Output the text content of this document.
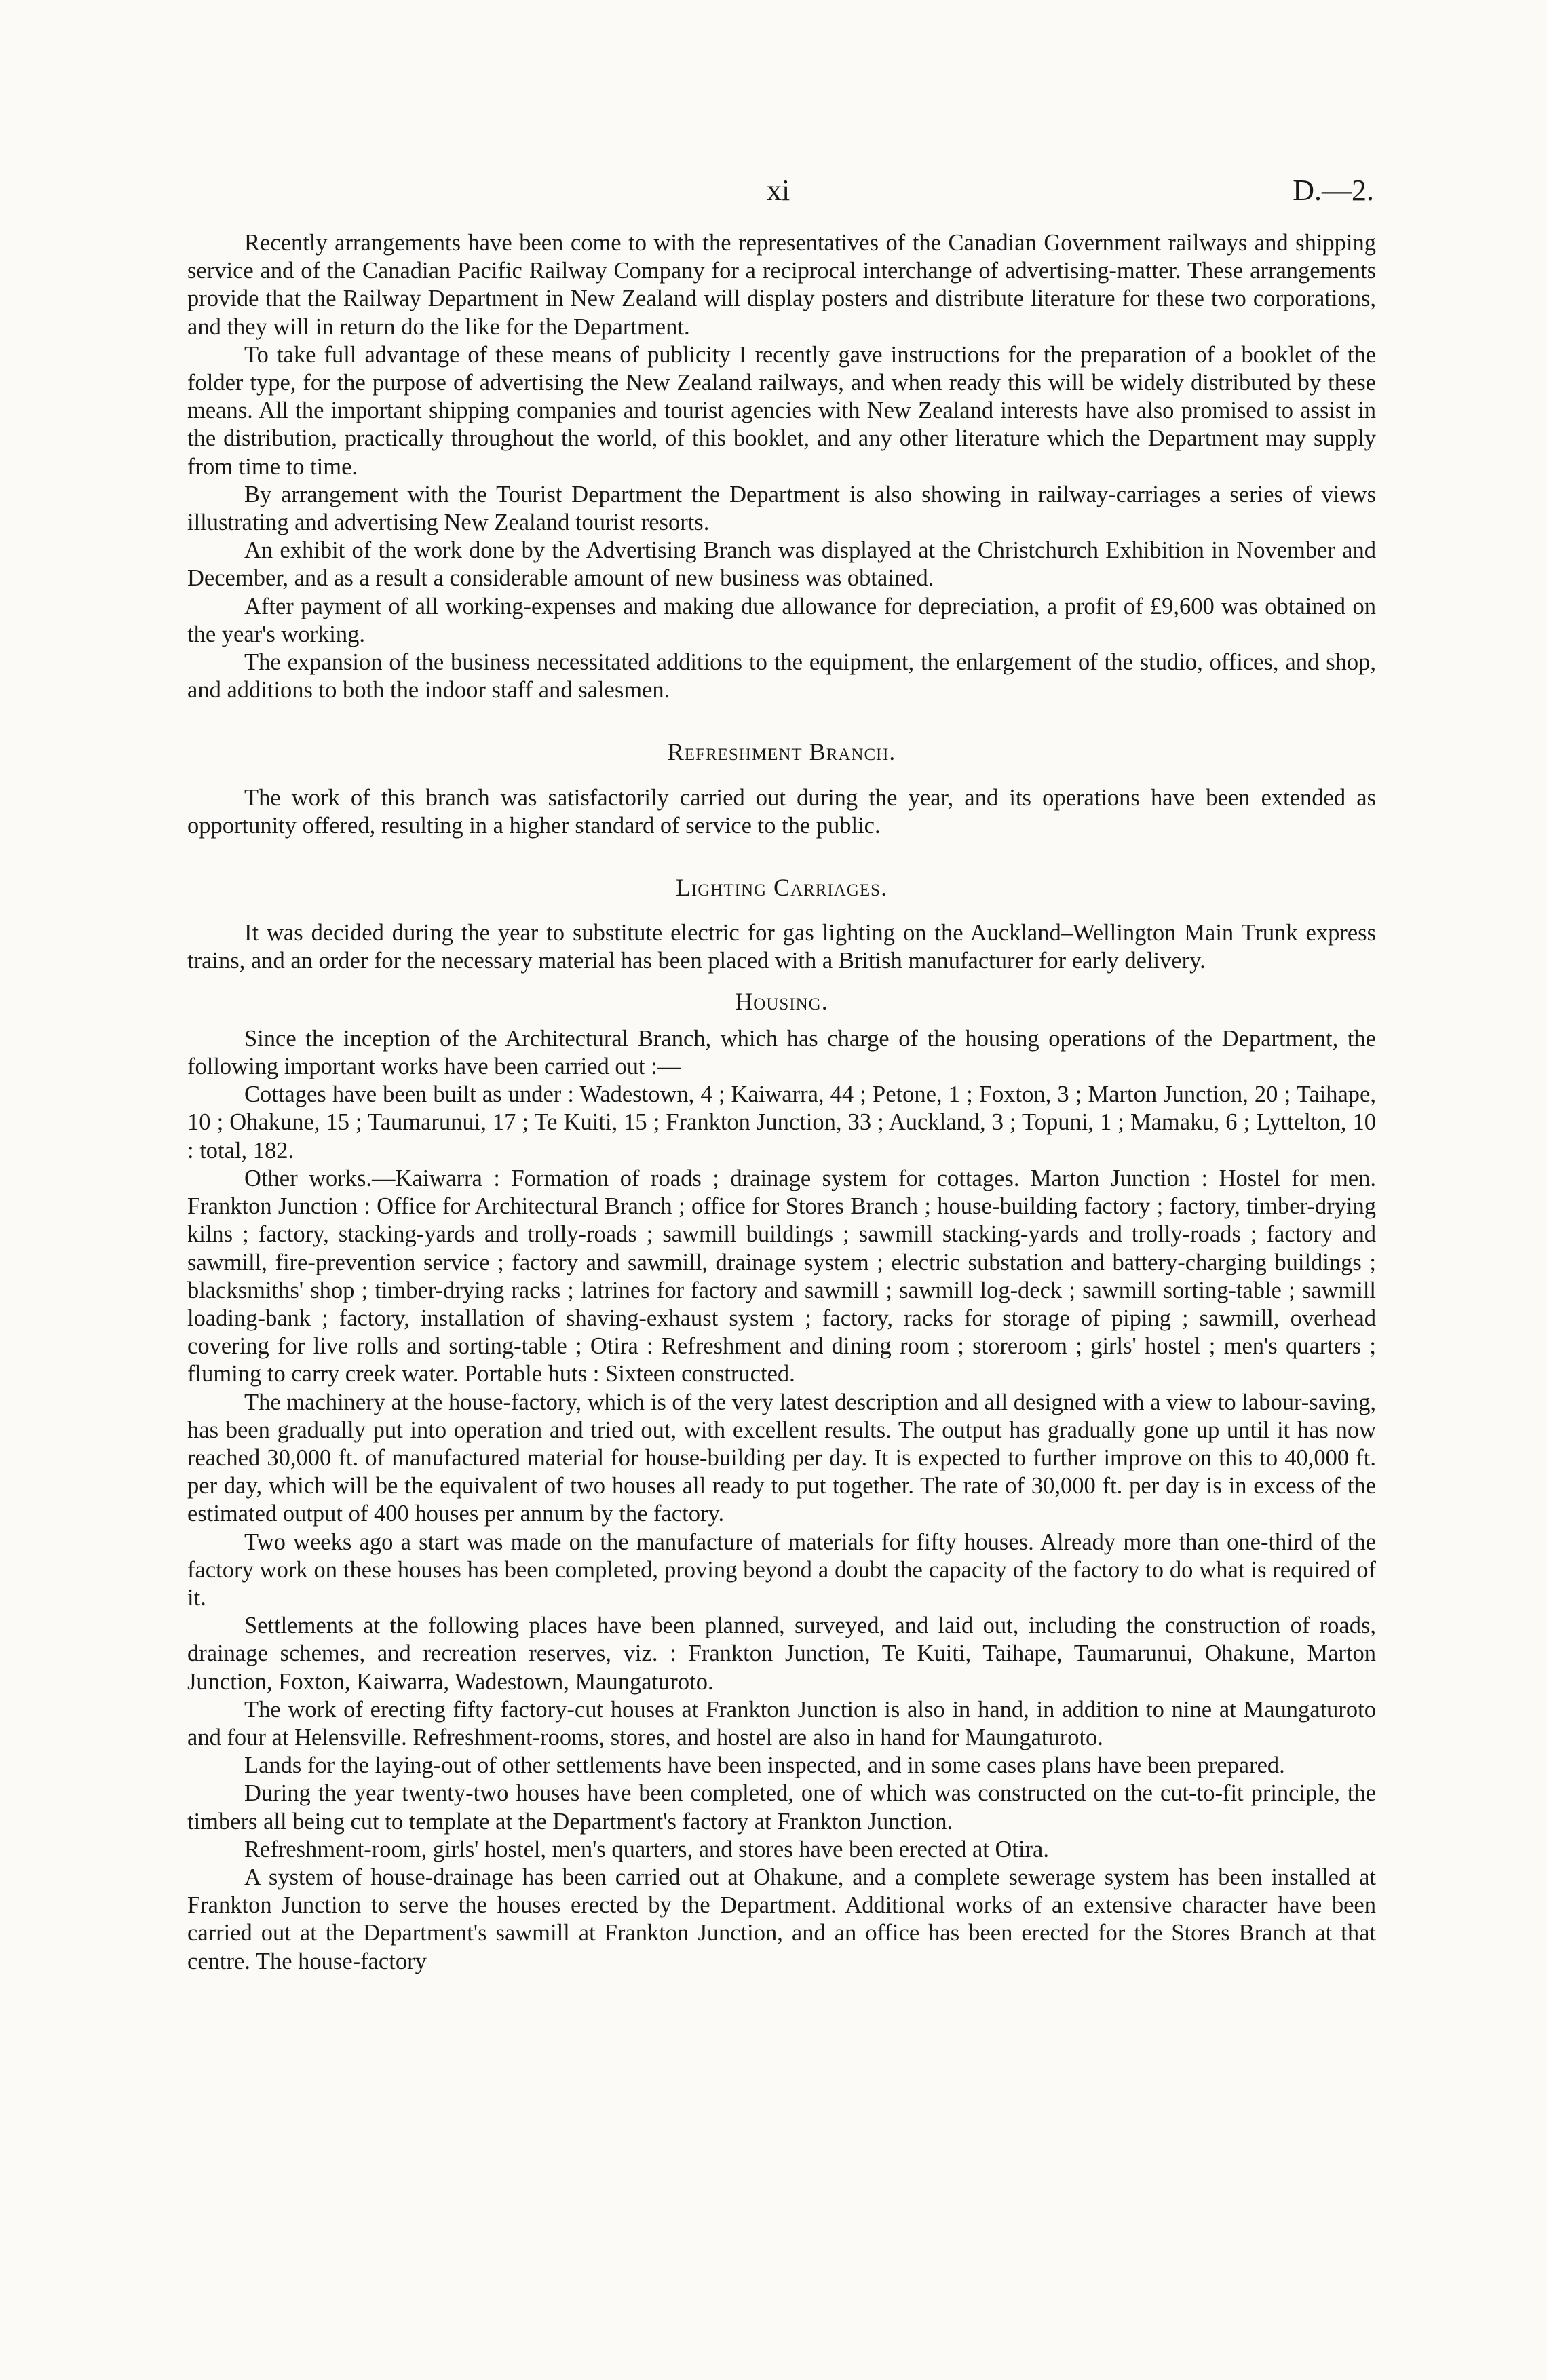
xi	D.—2.

Recently arrangements have been come to with the representatives of the Canadian Government railways and shipping service and of the Canadian Pacific Railway Company for a reciprocal interchange of advertising-matter. These arrangements provide that the Railway Department in New Zealand will display posters and distribute literature for these two corporations, and they will in return do the like for the Department.

To take full advantage of these means of publicity I recently gave instructions for the preparation of a booklet of the folder type, for the purpose of advertising the New Zealand railways, and when ready this will be widely distributed by these means. All the important shipping companies and tourist agencies with New Zealand interests have also promised to assist in the distribution, practically throughout the world, of this booklet, and any other literature which the Department may supply from time to time.

By arrangement with the Tourist Department the Department is also showing in railway-carriages a series of views illustrating and advertising New Zealand tourist resorts.

An exhibit of the work done by the Advertising Branch was displayed at the Christchurch Exhibition in November and December, and as a result a considerable amount of new business was obtained.

After payment of all working-expenses and making due allowance for depreciation, a profit of £9,600 was obtained on the year's working.

The expansion of the business necessitated additions to the equipment, the enlargement of the studio, offices, and shop, and additions to both the indoor staff and salesmen.

Refreshment Branch.

The work of this branch was satisfactorily carried out during the year, and its operations have been extended as opportunity offered, resulting in a higher standard of service to the public.

Lighting Carriages.

It was decided during the year to substitute electric for gas lighting on the Auckland–Wellington Main Trunk express trains, and an order for the necessary material has been placed with a British manufacturer for early delivery.

Housing.

Since the inception of the Architectural Branch, which has charge of the housing operations of the Department, the following important works have been carried out :—

Cottages have been built as under : Wadestown, 4 ; Kaiwarra, 44 ; Petone, 1 ; Foxton, 3 ; Marton Junction, 20 ; Taihape, 10 ; Ohakune, 15 ; Taumarunui, 17 ; Te Kuiti, 15 ; Frankton Junction, 33 ; Auckland, 3 ; Topuni, 1 ; Mamaku, 6 ; Lyttelton, 10 : total, 182.

Other works.—Kaiwarra : Formation of roads ; drainage system for cottages. Marton Junction : Hostel for men. Frankton Junction : Office for Architectural Branch ; office for Stores Branch ; house-building factory ; factory, timber-drying kilns ; factory, stacking-yards and trolly-roads ; sawmill buildings ; sawmill stacking-yards and trolly-roads ; factory and sawmill, fire-prevention service ; factory and sawmill, drainage system ; electric substation and battery-charging buildings ; blacksmiths' shop ; timber-drying racks ; latrines for factory and sawmill ; sawmill log-deck ; sawmill sorting-table ; sawmill loading-bank ; factory, installation of shaving-exhaust system ; factory, racks for storage of piping ; sawmill, overhead covering for live rolls and sorting-table ; Otira : Refreshment and dining room ; storeroom ; girls' hostel ; men's quarters ; fluming to carry creek water. Portable huts : Sixteen constructed.

The machinery at the house-factory, which is of the very latest description and all designed with a view to labour-saving, has been gradually put into operation and tried out, with excellent results. The output has gradually gone up until it has now reached 30,000 ft. of manufactured material for house-building per day. It is expected to further improve on this to 40,000 ft. per day, which will be the equivalent of two houses all ready to put together. The rate of 30,000 ft. per day is in excess of the estimated output of 400 houses per annum by the factory.

Two weeks ago a start was made on the manufacture of materials for fifty houses. Already more than one-third of the factory work on these houses has been completed, proving beyond a doubt the capacity of the factory to do what is required of it.

Settlements at the following places have been planned, surveyed, and laid out, including the construction of roads, drainage schemes, and recreation reserves, viz. : Frankton Junction, Te Kuiti, Taihape, Taumarunui, Ohakune, Marton Junction, Foxton, Kaiwarra, Wadestown, Maungaturoto.

The work of erecting fifty factory-cut houses at Frankton Junction is also in hand, in addition to nine at Maungaturoto and four at Helensville. Refreshment-rooms, stores, and hostel are also in hand for Maungaturoto.

Lands for the laying-out of other settlements have been inspected, and in some cases plans have been prepared.

During the year twenty-two houses have been completed, one of which was constructed on the cut-to-fit principle, the timbers all being cut to template at the Department's factory at Frankton Junction.

Refreshment-room, girls' hostel, men's quarters, and stores have been erected at Otira.

A system of house-drainage has been carried out at Ohakune, and a complete sewerage system has been installed at Frankton Junction to serve the houses erected by the Department. Additional works of an extensive character have been carried out at the Department's sawmill at Frankton Junction, and an office has been erected for the Stores Branch at that centre. The house-factory
